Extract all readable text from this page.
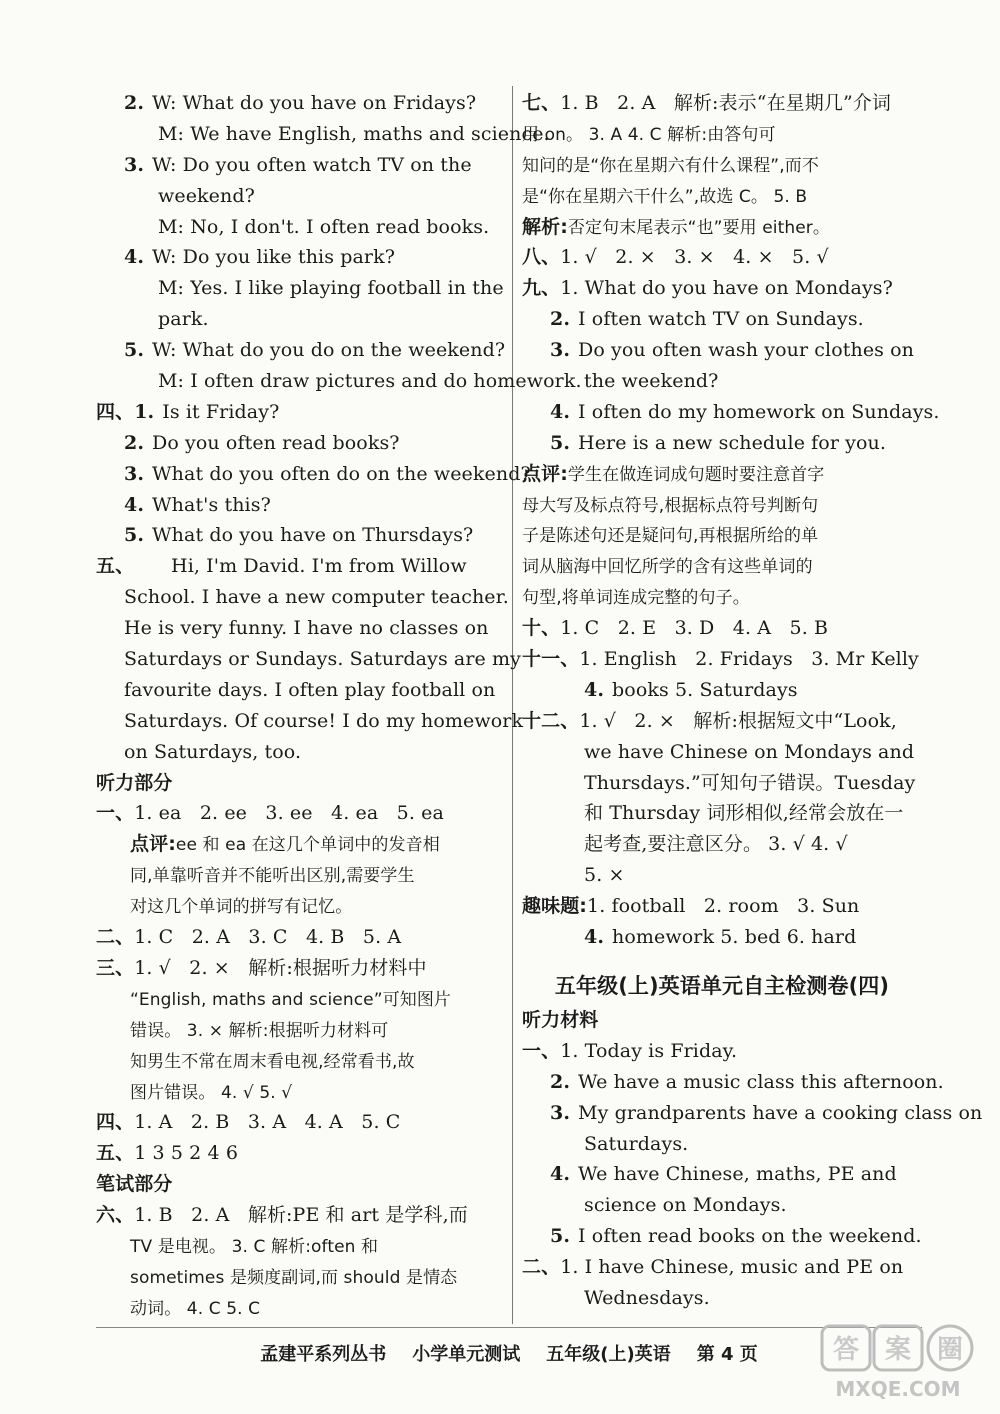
2. W: What do you have on Fridays?
M: We have English, maths and science.
3. W: Do you often watch TV on the
weekend?
M: No, I don't. I often read books.
4. W: Do you like this park?
M: Yes. I like playing football in the
park.
5. W: What do you do on the weekend?
M: I often draw pictures and do homework.
四、1. Is it Friday?
2. Do you often read books?
3. What do you often do on the weekend?
4. What's this?
5. What do you have on Thursdays?
五、      Hi, I'm David. I'm from Willow
School. I have a new computer teacher.
He is very funny. I have no classes on
Saturdays or Sundays. Saturdays are my
favourite days. I often play football on
Saturdays. Of course! I do my homework
on Saturdays, too.
听力部分
一、1. ea   2. ee   3. ee   4. ea   5. ea
点评:ee 和 ea 在这几个单词中的发音相
同,单靠听音并不能听出区别,需要学生
对这几个单词的拼写有记忆。
二、1. C   2. A   3. C   4. B   5. A
三、1. √   2. ×   解析:根据听力材料中
“English, maths and science”可知图片
错误。 3. × 解析:根据听力材料可
知男生不常在周末看电视,经常看书,故
图片错误。 4. √ 5. √
四、1. A   2. B   3. A   4. A   5. C
五、1 3 5 2 4 6
笔试部分
六、1. B   2. A   解析:PE 和 art 是学科,而
TV 是电视。 3. C 解析:often 和
sometimes 是频度副词,而 should 是情态
动词。 4. C 5. C
七、1. B   2. A   解析:表示“在星期几”介词
用 on。 3. A 4. C 解析:由答句可
知问的是“你在星期六有什么课程”,而不
是“你在星期六干什么”,故选 C。 5. B
解析:否定句末尾表示“也”要用 either。
八、1. √   2. ×   3. ×   4. ×   5. √
九、1. What do you have on Mondays?
2. I often watch TV on Sundays.
3. Do you often wash your clothes on
the weekend?
4. I often do my homework on Sundays.
5. Here is a new schedule for you.
点评:学生在做连词成句题时要注意首字
母大写及标点符号,根据标点符号判断句
子是陈述句还是疑问句,再根据所给的单
词从脑海中回忆所学的含有这些单词的
句型,将单词连成完整的句子。
十、1. C   2. E   3. D   4. A   5. B
十一、1. English   2. Fridays   3. Mr Kelly
4. books 5. Saturdays
十二、1. √   2. ×   解析:根据短文中“Look,
we have Chinese on Mondays and
Thursdays.”可知句子错误。Tuesday
和 Thursday 词形相似,经常会放在一
起考查,要注意区分。 3. √ 4. √
5. ×
趣味题:1. football   2. room   3. Sun
4. homework 5. bed 6. hard
五年级(上)英语单元自主检测卷(四)
听力材料
一、1. Today is Friday.
2. We have a music class this afternoon.
3. My grandparents have a cooking class on
Saturdays.
4. We have Chinese, maths, PE and
science on Mondays.
5. I often read books on the weekend.
二、1. I have Chinese, music and PE on
Wednesdays.
孟建平系列丛书 小学单元测试 五年级(上)英语 第 4 页	答 案 圈
MXQE.COM
